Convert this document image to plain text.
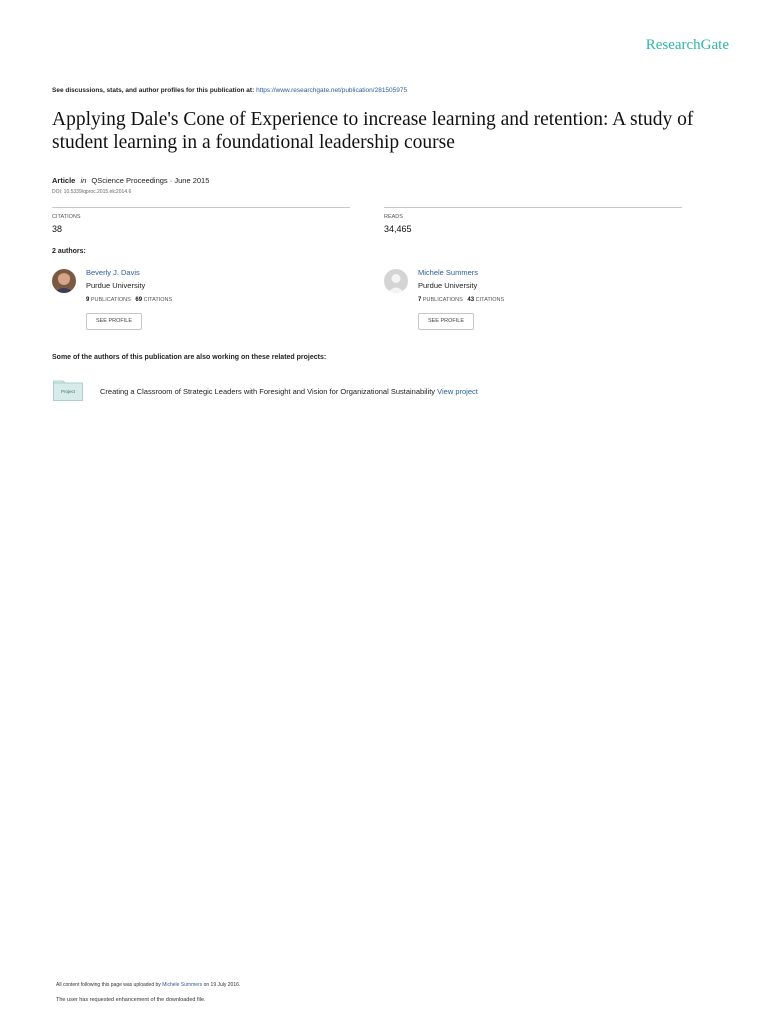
ResearchGate
See discussions, stats, and author profiles for this publication at: https://www.researchgate.net/publication/281505975
Applying Dale's Cone of Experience to increase learning and retention: A study of student learning in a foundational leadership course
Article in QScience Proceedings · June 2015
DOI: 10.5339/qproc.2015.elc2014.6
CITATIONS
38
READS
34,465
2 authors:
Beverly J. Davis
Purdue University
9 PUBLICATIONS 69 CITATIONS
SEE PROFILE
Michele Summers
Purdue University
7 PUBLICATIONS 43 CITATIONS
SEE PROFILE
Some of the authors of this publication are also working on these related projects:
Project	Creating a Classroom of Strategic Leaders with Foresight and Vision for Organizational Sustainability View project
All content following this page was uploaded by Michele Summers on 19 July 2016.
The user has requested enhancement of the downloaded file.
